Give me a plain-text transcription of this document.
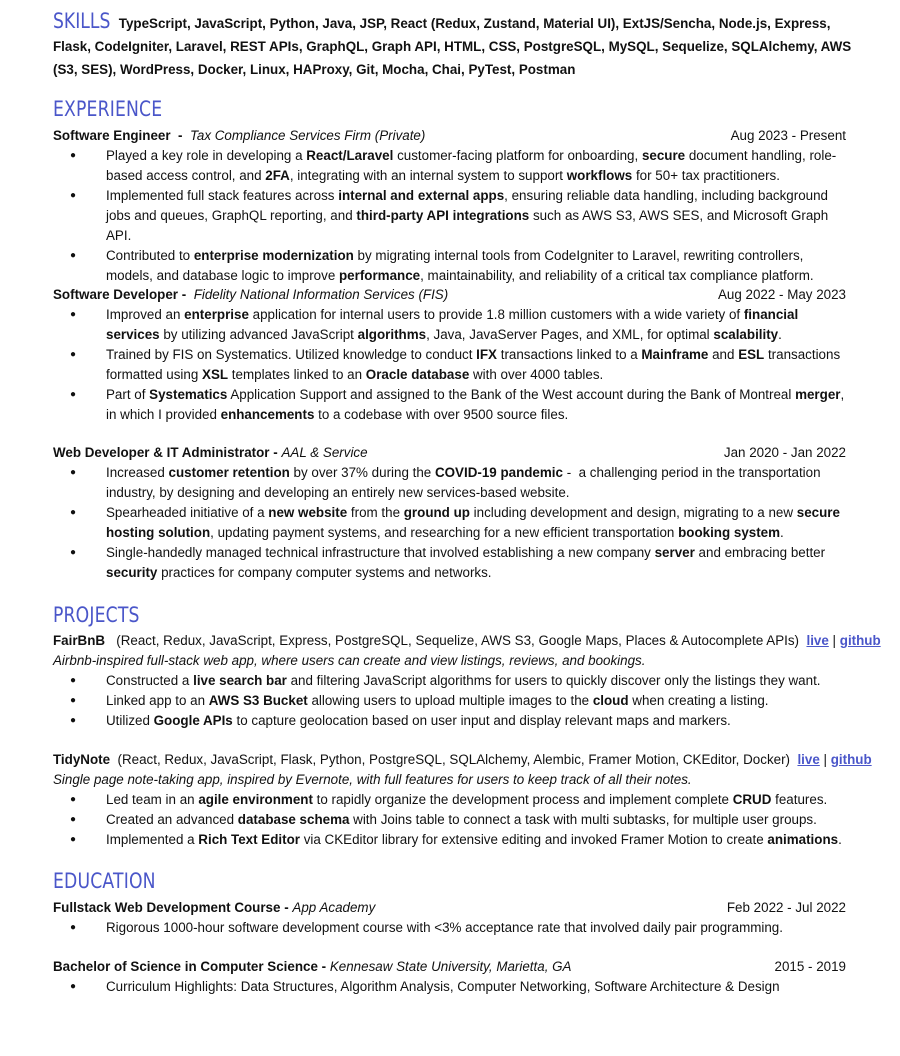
SKILLS TypeScript, JavaScript, Python, Java, JSP, React (Redux, Zustand, Material UI), ExtJS/Sencha, Node.js, Express, Flask, CodeIgniter, Laravel, REST APIs, GraphQL, Graph API, HTML, CSS, PostgreSQL, MySQL, Sequelize, SQLAlchemy, AWS (S3, SES), WordPress, Docker, Linux, HAProxy, Git, Mocha, Chai, PyTest, Postman
EXPERIENCE
Software Engineer - Tax Compliance Services Firm (Private)	Aug 2023 - Present
● Played a key role in developing a React/Laravel customer-facing platform for onboarding, secure document handling, role-based access control, and 2FA, integrating with an internal system to support workflows for 50+ tax practitioners.
● Implemented full stack features across internal and external apps, ensuring reliable data handling, including background jobs and queues, GraphQL reporting, and third-party API integrations such as AWS S3, AWS SES, and Microsoft Graph API.
● Contributed to enterprise modernization by migrating internal tools from CodeIgniter to Laravel, rewriting controllers, models, and database logic to improve performance, maintainability, and reliability of a critical tax compliance platform.
Software Developer - Fidelity National Information Services (FIS)	Aug 2022 - May 2023
● Improved an enterprise application for internal users to provide 1.8 million customers with a wide variety of financial services by utilizing advanced JavaScript algorithms, Java, JavaServer Pages, and XML, for optimal scalability.
● Trained by FIS on Systematics. Utilized knowledge to conduct IFX transactions linked to a Mainframe and ESL transactions formatted using XSL templates linked to an Oracle database with over 4000 tables.
● Part of Systematics Application Support and assigned to the Bank of the West account during the Bank of Montreal merger, in which I provided enhancements to a codebase with over 9500 source files.
Web Developer & IT Administrator - AAL & Service	Jan 2020 - Jan 2022
● Increased customer retention by over 37% during the COVID-19 pandemic -  a challenging period in the transportation industry, by designing and developing an entirely new services-based website.
● Spearheaded initiative of a new website from the ground up including development and design, migrating to a new secure hosting solution, updating payment systems, and researching for a new efficient transportation booking system.
● Single-handedly managed technical infrastructure that involved establishing a new company server and embracing better security practices for company computer systems and networks.
PROJECTS
FairBnB (React, Redux, JavaScript, Express, PostgreSQL, Sequelize, AWS S3, Google Maps, Places & Autocomplete APIs) live | github
Airbnb-inspired full-stack web app, where users can create and view listings, reviews, and bookings.
● Constructed a live search bar and filtering JavaScript algorithms for users to quickly discover only the listings they want.
● Linked app to an AWS S3 Bucket allowing users to upload multiple images to the cloud when creating a listing.
● Utilized Google APIs to capture geolocation based on user input and display relevant maps and markers.
TidyNote (React, Redux, JavaScript, Flask, Python, PostgreSQL, SQLAlchemy, Alembic, Framer Motion, CKEditor, Docker) live | github
Single page note-taking app, inspired by Evernote, with full features for users to keep track of all their notes.
● Led team in an agile environment to rapidly organize the development process and implement complete CRUD features.
● Created an advanced database schema with Joins table to connect a task with multi subtasks, for multiple user groups.
● Implemented a Rich Text Editor via CKEditor library for extensive editing and invoked Framer Motion to create animations.
EDUCATION
Fullstack Web Development Course - App Academy	Feb 2022 - Jul 2022
● Rigorous 1000-hour software development course with <3% acceptance rate that involved daily pair programming.
Bachelor of Science in Computer Science - Kennesaw State University, Marietta, GA	2015 - 2019
● Curriculum Highlights: Data Structures, Algorithm Analysis, Computer Networking, Software Architecture & Design
